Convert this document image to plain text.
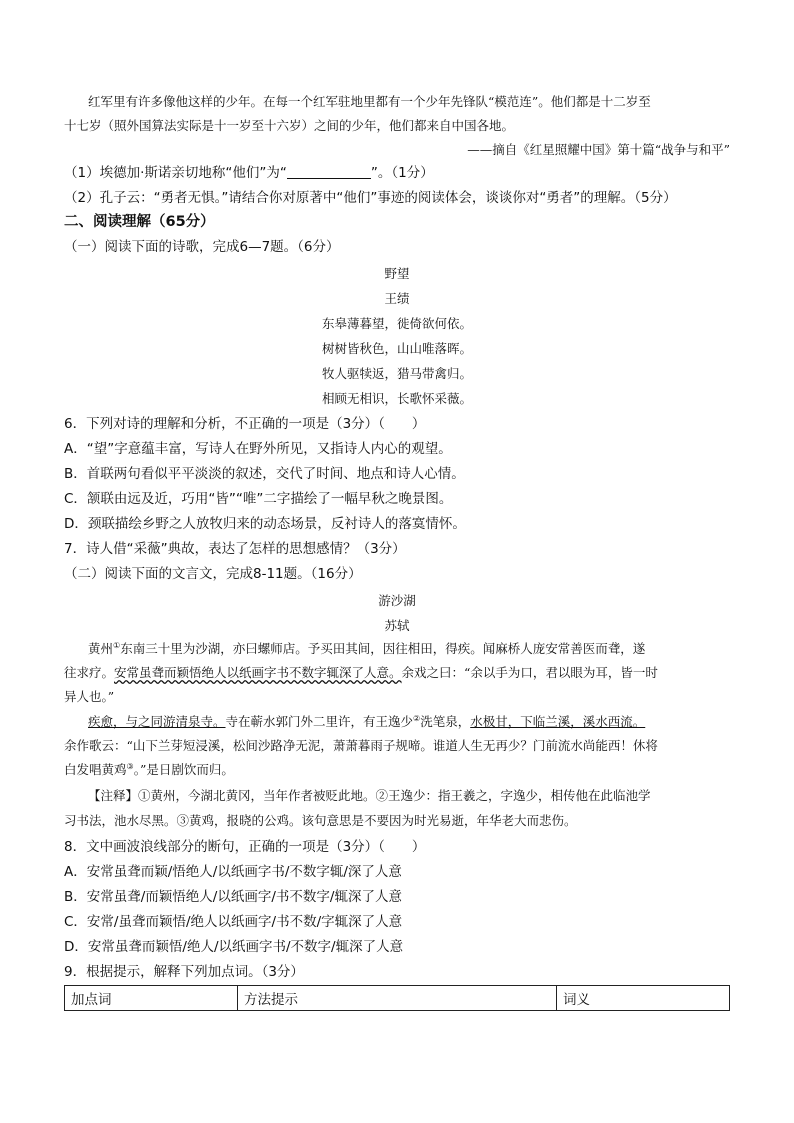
红军里有许多像他这样的少年。在每一个红军驻地里都有一个少年先锋队“模范连”。他们都是十二岁至
十七岁（照外国算法实际是十一岁至十六岁）之间的少年，他们都来自中国各地。
——摘自《红星照耀中国》第十篇“战争与和平”
（1）埃德加·斯诺亲切地称“他们”为“	”。（1分）
（2）孔子云：“勇者无惧。”请结合你对原著中“他们”事迹的阅读体会，谈谈你对“勇者”的理解。（5分）
二、阅读理解（65分）
（一）阅读下面的诗歌，完成6—7题。（6分）
野望
王绩
东皋薄暮望，徙倚欲何依。
树树皆秋色，山山唯落晖。
牧人驱犊返，猎马带禽归。
相顾无相识，长歌怀采薇。
6．下列对诗的理解和分析，不正确的一项是（3分）（　　）
A．“望”字意蕴丰富，写诗人在野外所见，又指诗人内心的观望。
B．首联两句看似平平淡淡的叙述，交代了时间、地点和诗人心情。
C．颔联由远及近，巧用“皆”“唯”二字描绘了一幅早秋之晚景图。
D．颈联描绘乡野之人放牧归来的动态场景，反衬诗人的落寞情怀。
7．诗人借“采薇”典故，表达了怎样的思想感情？（3分）
（二）阅读下面的文言文，完成8-11题。（16分）
游沙湖
苏轼
黄州①东南三十里为沙湖，亦曰螺师店。予买田其间，因往相田，得疾。闻麻桥人庞安常善医而聋，遂
往求疗。安常虽聋而颖悟绝人以纸画字书不数字辄深了人意。余戏之曰：“余以手为口，君以眼为耳，皆一时
异人也。”
疾愈，与之同游清泉寺。寺在蕲水郭门外二里许，有王逸少②洗笔泉，水极甘，下临兰溪，溪水西流。
余作歌云：“山下兰芽短浸溪，松间沙路净无泥，萧萧暮雨子规啼。谁道人生无再少？门前流水尚能西！休将
白发唱黄鸡③。”是日剧饮而归。
【注释】①黄州，今湖北黄冈，当年作者被贬此地。②王逸少：指王羲之，字逸少，相传他在此临池学
习书法，池水尽黑。③黄鸡，报晓的公鸡。该句意思是不要因为时光易逝，年华老大而悲伤。
8．文中画波浪线部分的断句，正确的一项是（3分）（　　）
A．安常虽聋而颖/悟绝人/以纸画字书/不数字辄/深了人意
B．安常虽聋/而颖悟绝人/以纸画字/书不数字/辄深了人意
C．安常/虽聋而颖悟/绝人以纸画字/书不数/字辄深了人意
D．安常虽聋而颖悟/绝人/以纸画字书/不数字/辄深了人意
9．根据提示，解释下列加点词。（3分）
加点词	方法提示	词义
